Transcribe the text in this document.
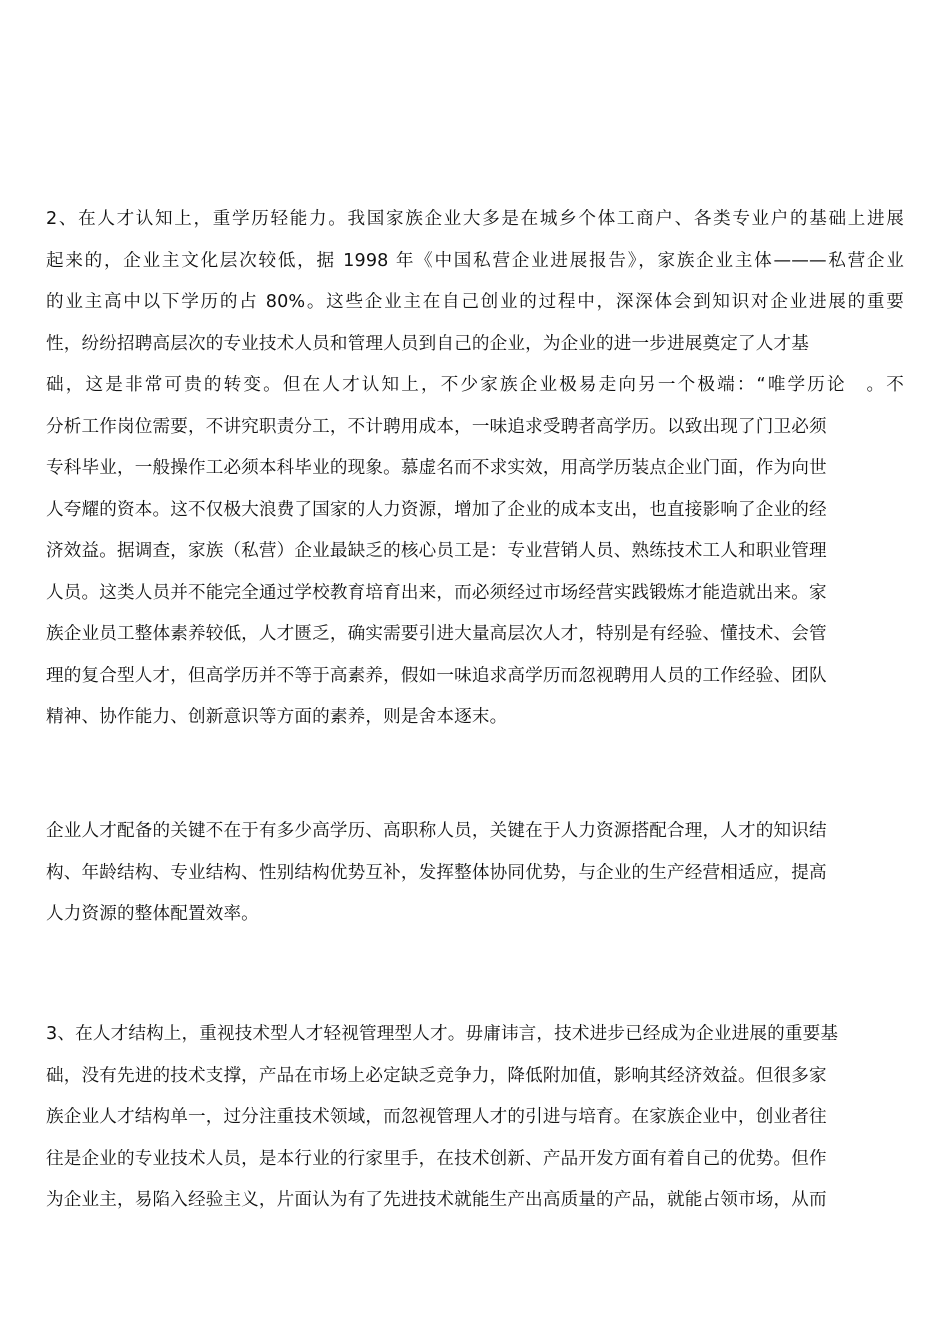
2、在人才认知上，重学历轻能力。我国家族企业大多是在城乡个体工商户、各类专业户的基础上进展
起来的，企业主文化层次较低，据 1998 年《中国私营企业进展报告》，家族企业主体———私营企业
的业主高中以下学历的占 80%。这些企业主在自己创业的过程中，深深体会到知识对企业进展的重要
性，纷纷招聘高层次的专业技术人员和管理人员到自己的企业，为企业的进一步进展奠定了人才基
础，这是非常可贵的转变。但在人才认知上，不少家族企业极易走向另一个极端：“唯学历论　。不
分析工作岗位需要，不讲究职责分工，不计聘用成本，一味追求受聘者高学历。以致出现了门卫必须
专科毕业，一般操作工必须本科毕业的现象。慕虚名而不求实效，用高学历装点企业门面，作为向世
人夸耀的资本。这不仅极大浪费了国家的人力资源，增加了企业的成本支出，也直接影响了企业的经
济效益。据调查，家族（私营）企业最缺乏的核心员工是：专业营销人员、熟练技术工人和职业管理
人员。这类人员并不能完全通过学校教育培育出来，而必须经过市场经营实践锻炼才能造就出来。家
族企业员工整体素养较低，人才匮乏，确实需要引进大量高层次人才，特别是有经验、懂技术、会管
理的复合型人才，但高学历并不等于高素养，假如一味追求高学历而忽视聘用人员的工作经验、团队
精神、协作能力、创新意识等方面的素养，则是舍本逐末。
企业人才配备的关键不在于有多少高学历、高职称人员，关键在于人力资源搭配合理，人才的知识结
构、年龄结构、专业结构、性别结构优势互补，发挥整体协同优势，与企业的生产经营相适应，提高
人力资源的整体配置效率。
3、在人才结构上，重视技术型人才轻视管理型人才。毋庸讳言，技术进步已经成为企业进展的重要基
础，没有先进的技术支撑，产品在市场上必定缺乏竞争力，降低附加值，影响其经济效益。但很多家
族企业人才结构单一，过分注重技术领域，而忽视管理人才的引进与培育。在家族企业中，创业者往
往是企业的专业技术人员，是本行业的行家里手，在技术创新、产品开发方面有着自己的优势。但作
为企业主，易陷入经验主义，片面认为有了先进技术就能生产出高质量的产品，就能占领市场，从而
